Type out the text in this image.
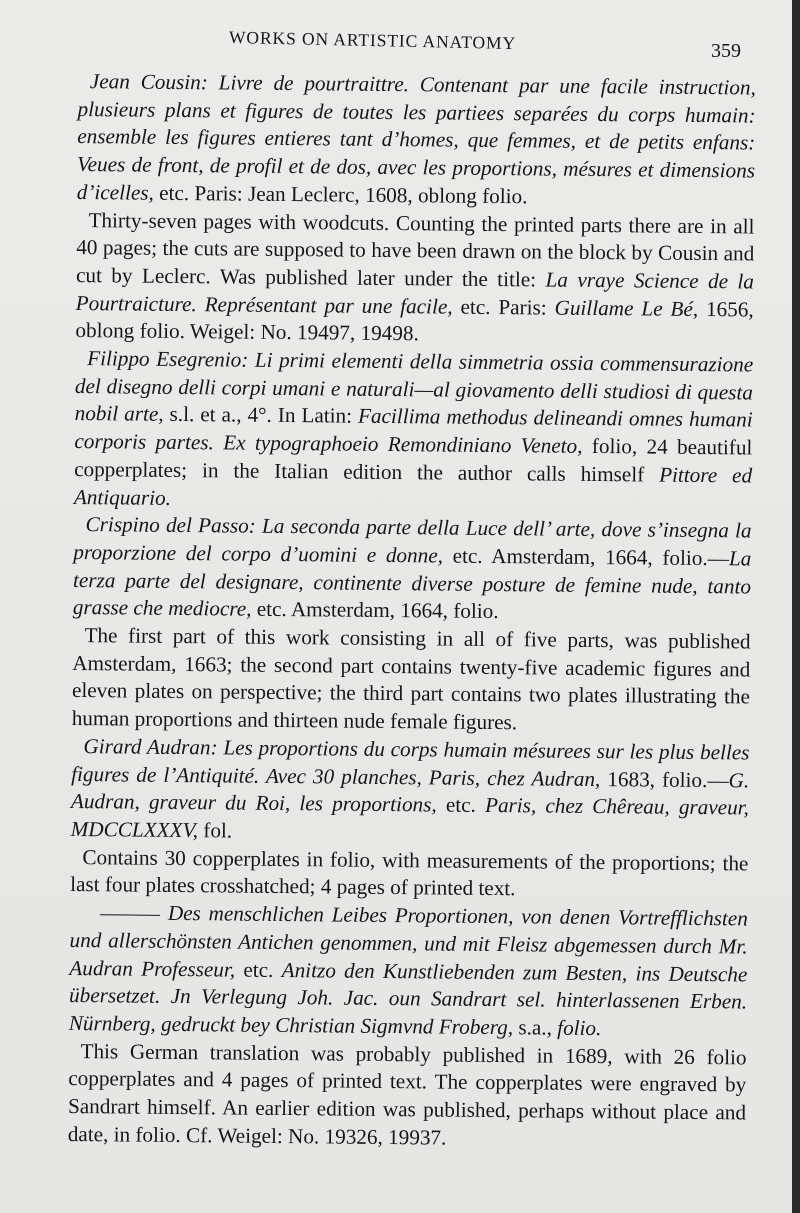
WORKS ON ARTISTIC ANATOMY	359

Jean Cousin: Livre de pourtraittre. Contenant par une facile instruction, plusieurs plans et figures de toutes les partiees separées du corps humain: ensemble les figures entieres tant d’homes, que femmes, et de petits enfans: Veues de front, de profil et de dos, avec les proportions, mésures et dimensions d’icelles, etc. Paris: Jean Leclerc, 1608, oblong folio.

Thirty-seven pages with woodcuts. Counting the printed parts there are in all 40 pages; the cuts are supposed to have been drawn on the block by Cousin and cut by Leclerc. Was published later under the title: La vraye Science de la Pourtraicture. Représentant par une facile, etc. Paris: Guillame Le Bé, 1656, oblong folio. Weigel: No. 19497, 19498.

Filippo Esegrenio: Li primi elementi della simmetria ossia commensurazione del disegno delli corpi umani e naturali—al giovamento delli studiosi di questa nobil arte, s.l. et a., 4°. In Latin: Facillima methodus delineandi omnes humani corporis partes. Ex typographoeio Remondiniano Veneto, folio, 24 beautiful copperplates; in the Italian edition the author calls himself Pittore ed Antiquario.

Crispino del Passo: La seconda parte della Luce dell’ arte, dove s’insegna la proporzione del corpo d’uomini e donne, etc. Amsterdam, 1664, folio.—La terza parte del designare, continente diverse posture de femine nude, tanto grasse che mediocre, etc. Amsterdam, 1664, folio.

The first part of this work consisting in all of five parts, was published Amsterdam, 1663; the second part contains twenty-five academic figures and eleven plates on perspective; the third part contains two plates illustrating the human proportions and thirteen nude female figures.

Girard Audran: Les proportions du corps humain mésurees sur les plus belles figures de l’Antiquité. Avec 30 planches, Paris, chez Audran, 1683, folio.—G. Audran, graveur du Roi, les proportions, etc. Paris, chez Chêreau, graveur, MDCCLXXXV, fol.

Contains 30 copperplates in folio, with measurements of the proportions; the last four plates crosshatched; 4 pages of printed text.

Des menschlichen Leibes Proportionen, von denen Vortrefflichsten und allerschönsten Antichen genommen, und mit Fleisz abgemessen durch Mr. Audran Professeur, etc. Anitzo den Kunstliebenden zum Besten, ins Deutsche übersetzet. Jn Verlegung Joh. Jac. oun Sandrart sel. hinterlassenen Erben. Nürnberg, gedruckt bey Christian Sigmvnd Froberg, s.a., folio.

This German translation was probably published in 1689, with 26 folio copperplates and 4 pages of printed text. The copperplates were engraved by Sandrart himself. An earlier edition was published, perhaps without place and date, in folio. Cf. Weigel: No. 19326, 19937.
